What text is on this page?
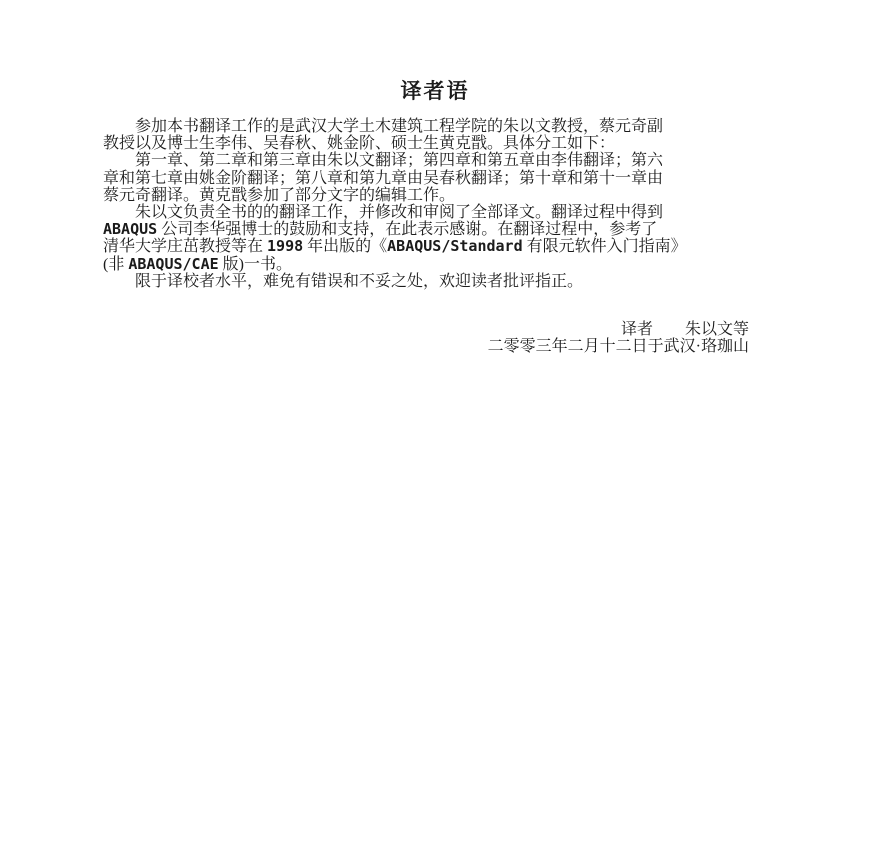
译者语
参加本书翻译工作的是武汉大学土木建筑工程学院的朱以文教授，蔡元奇副
教授以及博士生李伟、吴春秋、姚金阶、硕士生黄克戬。具体分工如下：
第一章、第二章和第三章由朱以文翻译；第四章和第五章由李伟翻译；第六
章和第七章由姚金阶翻译；第八章和第九章由吴春秋翻译；第十章和第十一章由
蔡元奇翻译。黄克戬参加了部分文字的编辑工作。
朱以文负责全书的的翻译工作，并修改和审阅了全部译文。翻译过程中得到
ABAQUS 公司李华强博士的鼓励和支持，在此表示感谢。在翻译过程中，参考了
清华大学庄茁教授等在 1998 年出版的《ABAQUS/Standard 有限元软件入门指南》
(非 ABAQUS/CAE 版)一书。
限于译校者水平，难免有错误和不妥之处，欢迎读者批评指正。
译者　　朱以文等
二零零三年二月十二日于武汉·珞珈山
